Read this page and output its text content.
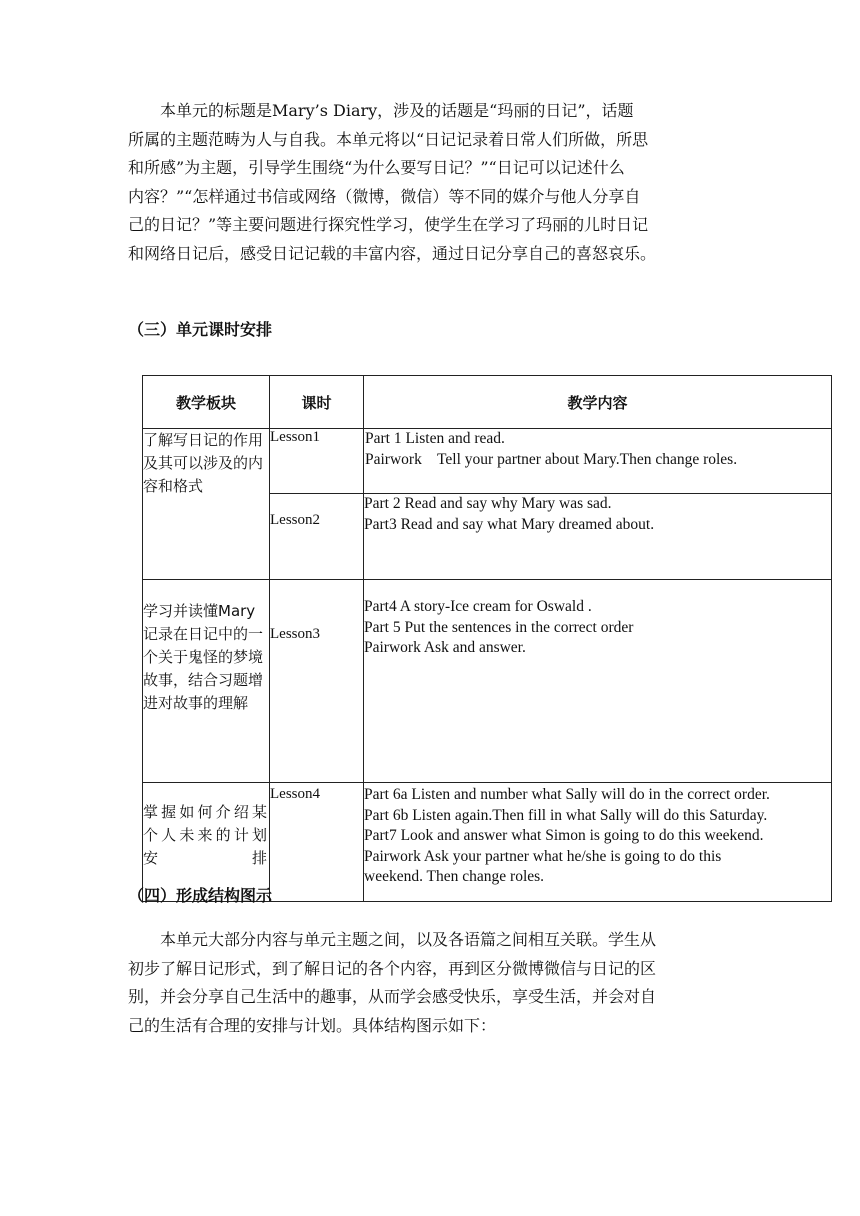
本单元的标题是Mary’s Diary，涉及的话题是“玛丽的日记”，话题
所属的主题范畴为人与自我。本单元将以“日记记录着日常人们所做，所思
和所感”为主题，引导学生围绕“为什么要写日记？”“日记可以记述什么
内容？”“怎样通过书信或网络（微博，微信）等不同的媒介与他人分享自
己的日记？”等主要问题进行探究性学习，使学生在学习了玛丽的儿时日记
和网络日记后，感受日记记载的丰富内容，通过日记分享自己的喜怒哀乐。
（三）单元课时安排
教学板块	课时	教学内容
了解写日记的作用及其可以涉及的内容和格式	Lesson1	Part 1 Listen and read.
Pairwork    Tell your partner about Mary.Then change roles.

	Lesson2	Part 2 Read and say why Mary was sad.
Part3 Read and say what Mary dreamed about.

学习并读懂Mary记录在日记中的一个关于鬼怪的梦境故事，结合习题增进对故事的理解	Lesson3	Part4 A story-Ice cream for Oswald .
Part 5 Put the sentences in the correct order
Pairwork Ask and answer.

掌握如何介绍某个人未来的计划安排	Lesson4	Part 6a Listen and number what Sally will do in the correct order.
Part 6b Listen again.Then fill in what Sally will do this Saturday.
Part7 Look and answer what Simon is going to do this weekend.
Pairwork Ask your partner what he/she is going to do this
weekend. Then change roles.
（四）形成结构图示
本单元大部分内容与单元主题之间，以及各语篇之间相互关联。学生从
初步了解日记形式，到了解日记的各个内容，再到区分微博微信与日记的区
别，并会分享自己生活中的趣事，从而学会感受快乐，享受生活，并会对自
己的生活有合理的安排与计划。具体结构图示如下：
